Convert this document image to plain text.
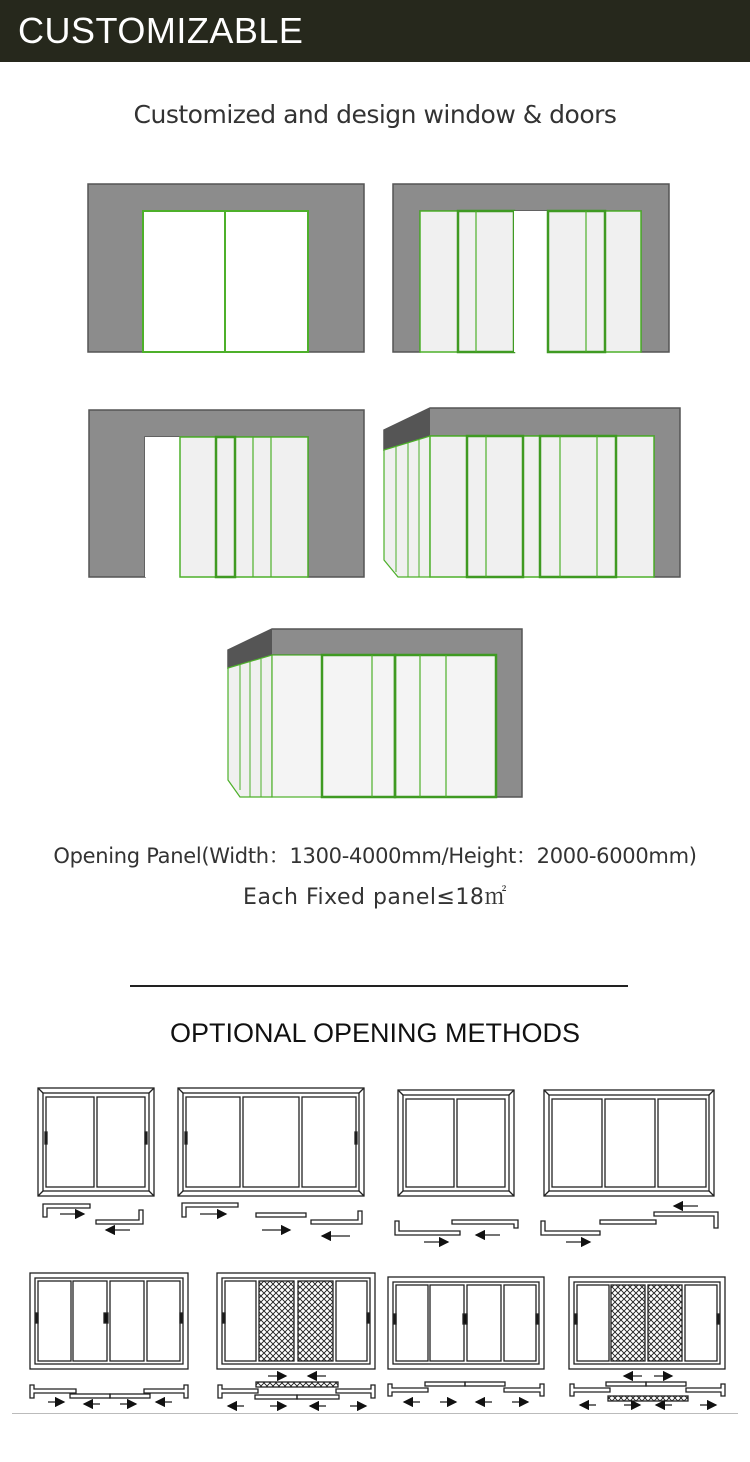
CUSTOMIZABLE
Customized and design window & doors
Opening Panel(Width：1300-4000mm/Height：2000-6000mm)
Each Fixed panel≤18㎡
OPTIONAL OPENING METHODS
